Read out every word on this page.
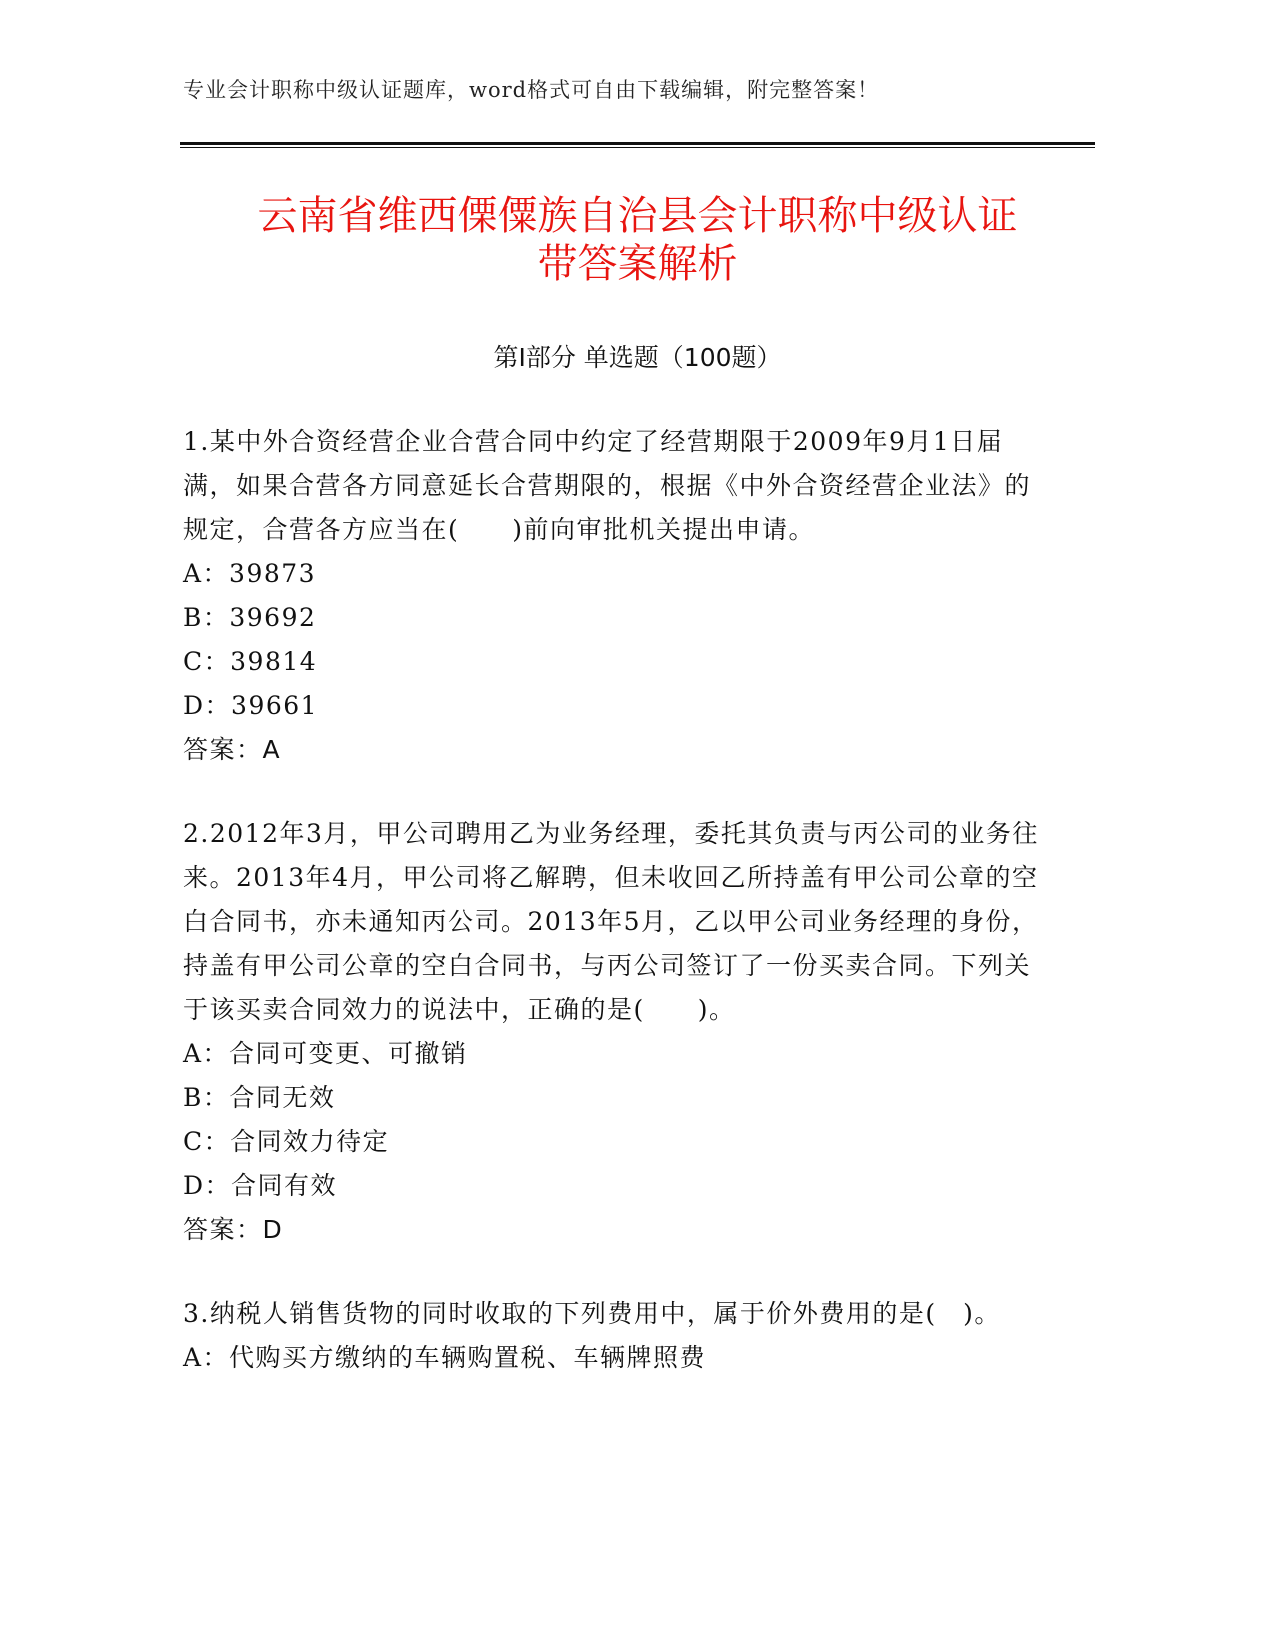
专业会计职称中级认证题库，word格式可自由下载编辑，附完整答案！
云南省维西傈僳族自治县会计职称中级认证
带答案解析
第I部分 单选题（100题）

1.某中外合资经营企业合营合同中约定了经营期限于2009年9月1日届满，如果合营各方同意延长合营期限的，根据《中外合资经营企业法》的规定，合营各方应当在(　　)前向审批机关提出申请。

A：39873

B：39692

C：39814

D：39661

答案：A

2.2012年3月，甲公司聘用乙为业务经理，委托其负责与丙公司的业务往来。2013年4月，甲公司将乙解聘，但未收回乙所持盖有甲公司公章的空白合同书，亦未通知丙公司。2013年5月，乙以甲公司业务经理的身份，持盖有甲公司公章的空白合同书，与丙公司签订了一份买卖合同。下列关于该买卖合同效力的说法中，正确的是(　　)。

A：合同可变更、可撤销

B：合同无效

C：合同效力待定

D：合同有效

答案：D

3.纳税人销售货物的同时收取的下列费用中，属于价外费用的是(　)。

A：代购买方缴纳的车辆购置税、车辆牌照费
